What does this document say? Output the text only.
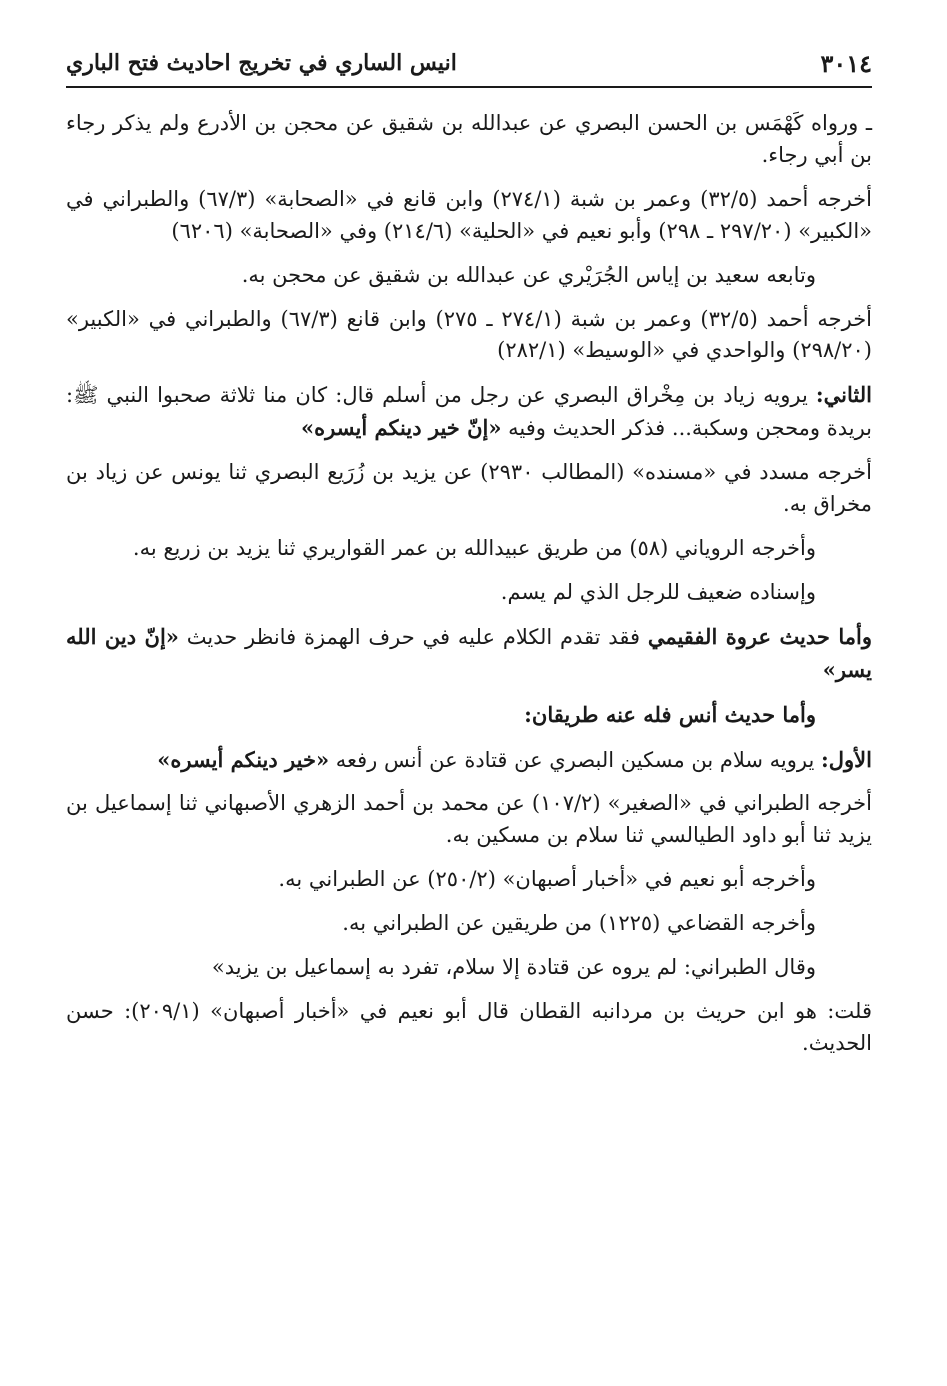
٣٠١٤
انيس الساري في تخريج احاديث فتح الباري

ـ ورواه كَهْمَس بن الحسن البصري عن عبدالله بن شقيق عن محجن بن الأدرع ولم يذكر رجاء بن أبي رجاء.

أخرجه أحمد (٣٢/٥) وعمر بن شبة (٢٧٤/١) وابن قانع في «الصحابة» (٦٧/٣) والطبراني في «الكبير» (٢٩٧/٢٠ ـ ٢٩٨) وأبو نعيم في «الحلية» (٢١٤/٦) وفي «الصحابة» (٦٢٠٦)

وتابعه سعيد بن إياس الجُرَيْري عن عبدالله بن شقيق عن محجن به.

أخرجه أحمد (٣٢/٥) وعمر بن شبة (٢٧٤/١ ـ ٢٧٥) وابن قانع (٦٧/٣) والطبراني في «الكبير» (٢٩٨/٢٠) والواحدي في «الوسيط» (٢٨٢/١)

الثاني: يرويه زياد بن مِخْراق البصري عن رجل من أسلم قال: كان منا ثلاثة صحبوا النبي ﷺ: بريدة ومحجن وسكبة... فذكر الحديث وفيه «إنّ خير دينكم أيسره»

أخرجه مسدد في «مسنده» (المطالب ٢٩٣٠) عن يزيد بن زُرَيع البصري ثنا يونس عن زياد بن مخراق به.

وأخرجه الروياني (٥٨) من طريق عبيدالله بن عمر القواريري ثنا يزيد بن زريع به.

وإسناده ضعيف للرجل الذي لم يسم.

وأما حديث عروة الفقيمي فقد تقدم الكلام عليه في حرف الهمزة فانظر حديث «إنّ دين الله يسر»

وأما حديث أنس فله عنه طريقان:

الأول: يرويه سلام بن مسكين البصري عن قتادة عن أنس رفعه «خير دينكم أيسره»

أخرجه الطبراني في «الصغير» (١٠٧/٢) عن محمد بن أحمد الزهري الأصبهاني ثنا إسماعيل بن يزيد ثنا أبو داود الطيالسي ثنا سلام بن مسكين به.

وأخرجه أبو نعيم في «أخبار أصبهان» (٢٥٠/٢) عن الطبراني به.

وأخرجه القضاعي (١٢٢٥) من طريقين عن الطبراني به.

وقال الطبراني: لم يروه عن قتادة إلا سلام، تفرد به إسماعيل بن يزيد»

قلت: هو ابن حريث بن مردانبه القطان قال أبو نعيم في «أخبار أصبهان» (٢٠٩/١): حسن الحديث.
